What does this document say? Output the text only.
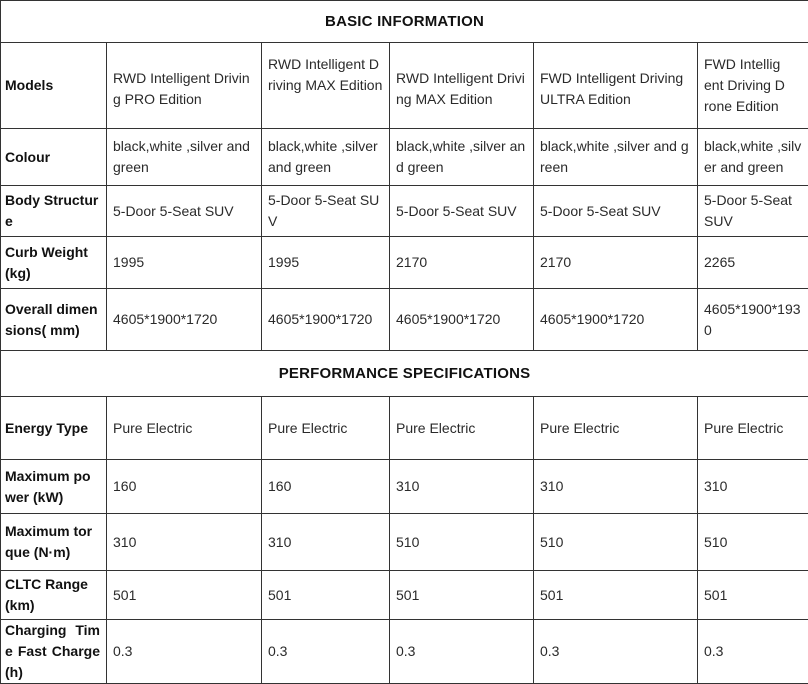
BASIC INFORMATION					
Models	RWD Intelligent Driving PRO Edition	RWD Intelligent Driving MAX Edition	RWD Intelligent Driving MAX Edition	FWD Intelligent Driving ULTRA Edition	FWD Intelligent Driving Drone Edition

Colour	black,white ,silver and green	black,white ,silver and green	black,white ,silver and green	black,white ,silver and green	black,white ,silver and green
Body Structure	5-Door 5-Seat SUV	5-Door 5-Seat SUV	5-Door 5-Seat SUV	5-Door 5-Seat SUV	5-Door 5-Seat SUV
Curb Weight (kg)	1995	1995	2170	2170	2265
Overall dimensions( mm)	4605*1900*1720	4605*1900*1720	4605*1900*1720	4605*1900*1720	4605*1900*1930
PERFORMANCE SPECIFICATIONS					
Energy Type	Pure Electric	Pure Electric	Pure Electric	Pure Electric	Pure Electric
Maximum power (kW)	160	160	310	310	310
Maximum torque (N·m)	310	310	510	510	510
CLTC Range (km)	501	501	501	501	501

Charging Time Fast Charge(h)	0.3	0.3	0.3	0.3	0.3
